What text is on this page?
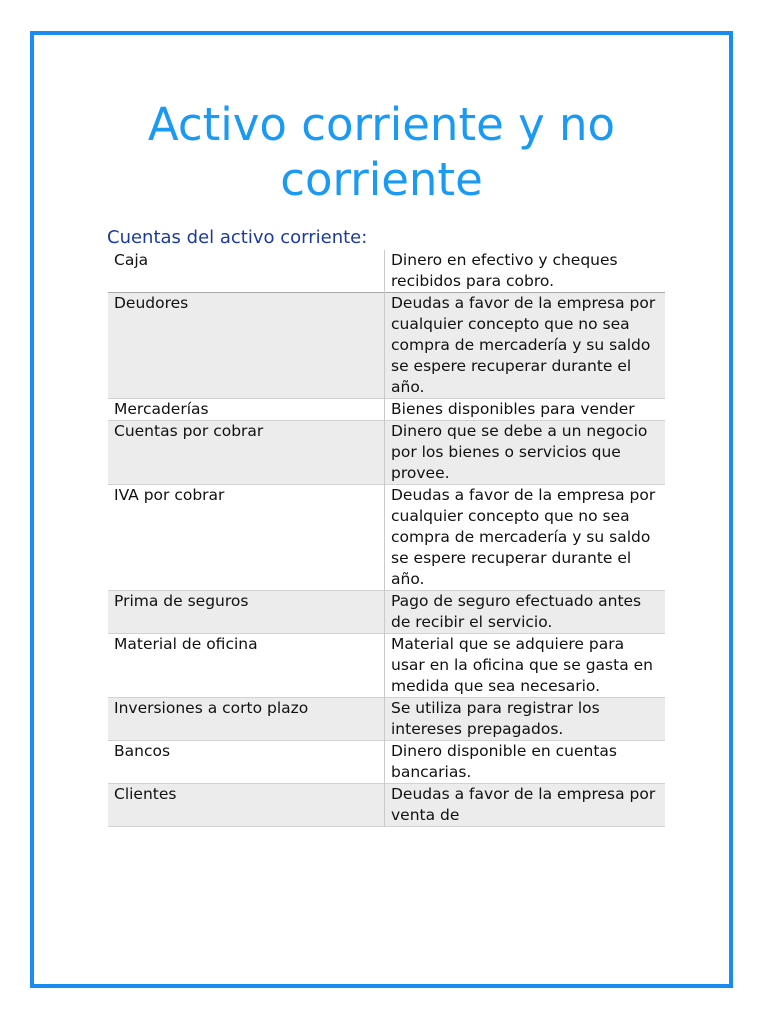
Activo corriente y no
corriente
Cuentas del activo corriente:
Caja	Dinero en efectivo y cheques recibidos para cobro.
Deudores	Deudas a favor de la empresa por cualquier concepto que no sea compra de mercadería y su saldo se espere recuperar durante el año.
Mercaderías	Bienes disponibles para vender
Cuentas por cobrar	Dinero que se debe a un negocio por los bienes o servicios que provee.
IVA por cobrar	Deudas a favor de la empresa por cualquier concepto que no sea compra de mercadería y su saldo se espere recuperar durante el año.
Prima de seguros	Pago de seguro efectuado antes de recibir el servicio.
Material de oficina	Material que se adquiere para usar en la oficina que se gasta en medida que sea necesario.
Inversiones a corto plazo	Se utiliza para registrar los intereses prepagados.
Bancos	Dinero disponible en cuentas bancarias.
Clientes	Deudas a favor de la empresa por venta de
